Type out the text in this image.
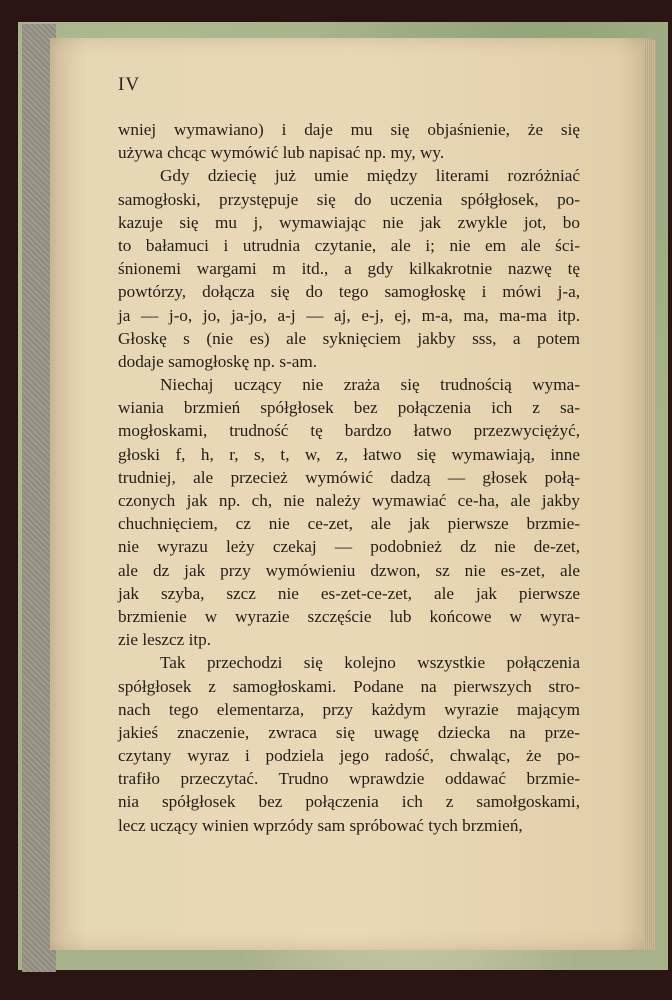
IV
wniej wymawiano) i daje mu się objaśnienie, że się
używa chcąc wymówić lub napisać np. my, wy.
Gdy dziecię już umie między literami rozróżniać
samogłoski, przystępuje się do uczenia spółgłosek, po-
kazuje się mu j, wymawiając nie jak zwykle jot, bo
to bałamuci i utrudnia czytanie, ale i; nie em ale ści-
śnionemi wargami m itd., a gdy kilkakrotnie nazwę tę
powtórzy, dołącza się do tego samogłoskę i mówi j-a,
ja — j-o, jo, ja-jo, a-j — aj, e-j, ej, m-a, ma, ma-ma itp.
Głoskę s (nie es) ale syknięciem jakby sss, a potem
dodaje samogłoskę np. s-am.
Niechaj uczący nie zraża się trudnością wyma-
wiania brzmień spółgłosek bez połączenia ich z sa-
mogłoskami, trudność tę bardzo łatwo przezwyciężyć,
głoski f, h, r, s, t, w, z, łatwo się wymawiają, inne
trudniej, ale przecież wymówić dadzą — głosek połą-
czonych jak np. ch, nie należy wymawiać ce-ha, ale jakby
chuchnięciem, cz nie ce-zet, ale jak pierwsze brzmie-
nie wyrazu leży czekaj — podobnież dz nie de-zet,
ale dz jak przy wymówieniu dzwon, sz nie es-zet, ale
jak szyba, szcz nie es-zet-ce-zet, ale jak pierwsze
brzmienie w wyrazie szczęście lub końcowe w wyra-
zie leszcz itp.
Tak przechodzi się kolejno wszystkie połączenia
spółgłosek z samogłoskami. Podane na pierwszych stro-
nach tego elementarza, przy każdym wyrazie mającym
jakieś znaczenie, zwraca się uwagę dziecka na prze-
czytany wyraz i podziela jego radość, chwaląc, że po-
trafiło przeczytać. Trudno wprawdzie oddawać brzmie-
nia spółgłosek bez połączenia ich z samołgoskami,
lecz uczący winien wprzódy sam spróbować tych brzmień,
